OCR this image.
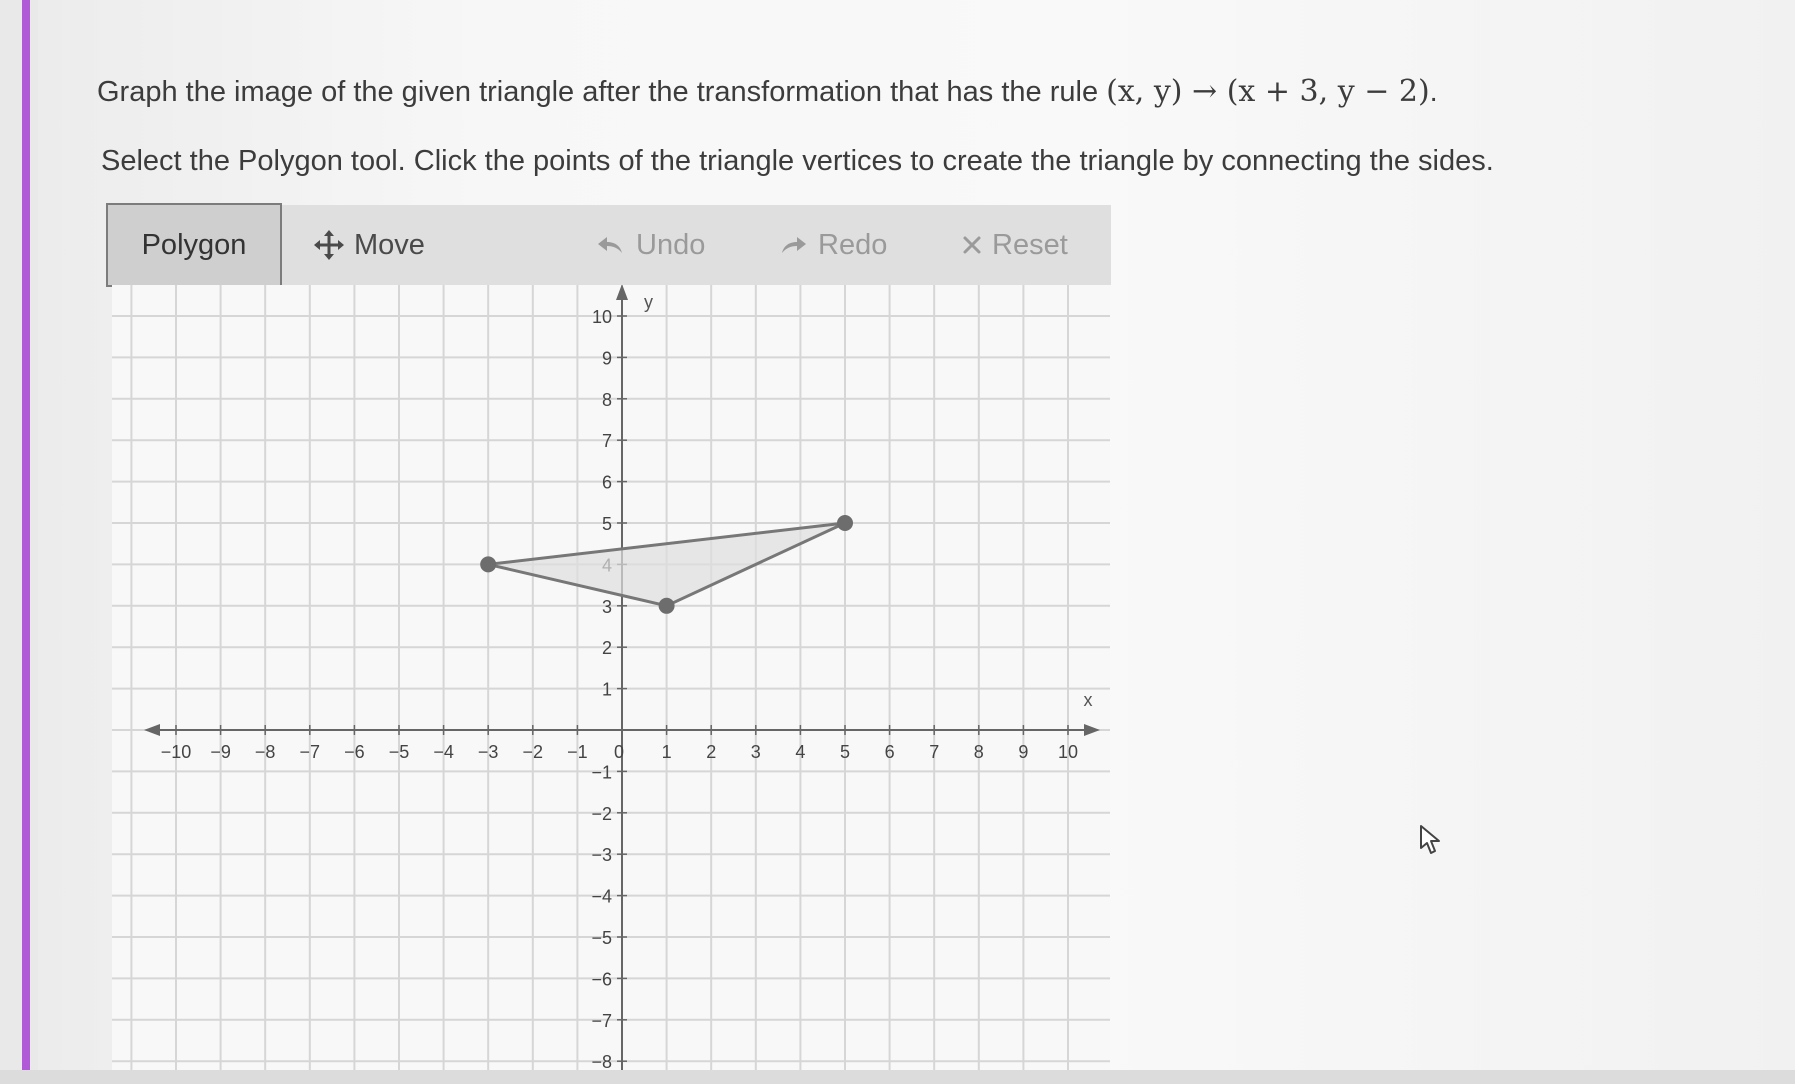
Graph the image of the given triangle after the transformation that has the rule (x, y) → (x + 3, y − 2).
Select the Polygon tool. Click the points of the triangle vertices to create the triangle by connecting the sides.
Polygon	Move	Undo	Redo	Reset
x
y
−10 −9 −8 −7 −6 −5 −4 −3 −2 −1 0 1 2 3 4 5 6 7 8 9 10
10
9
8
7
6
5
3
2
1
−1
−2
−3
−4
−5
−6
−7
−8
